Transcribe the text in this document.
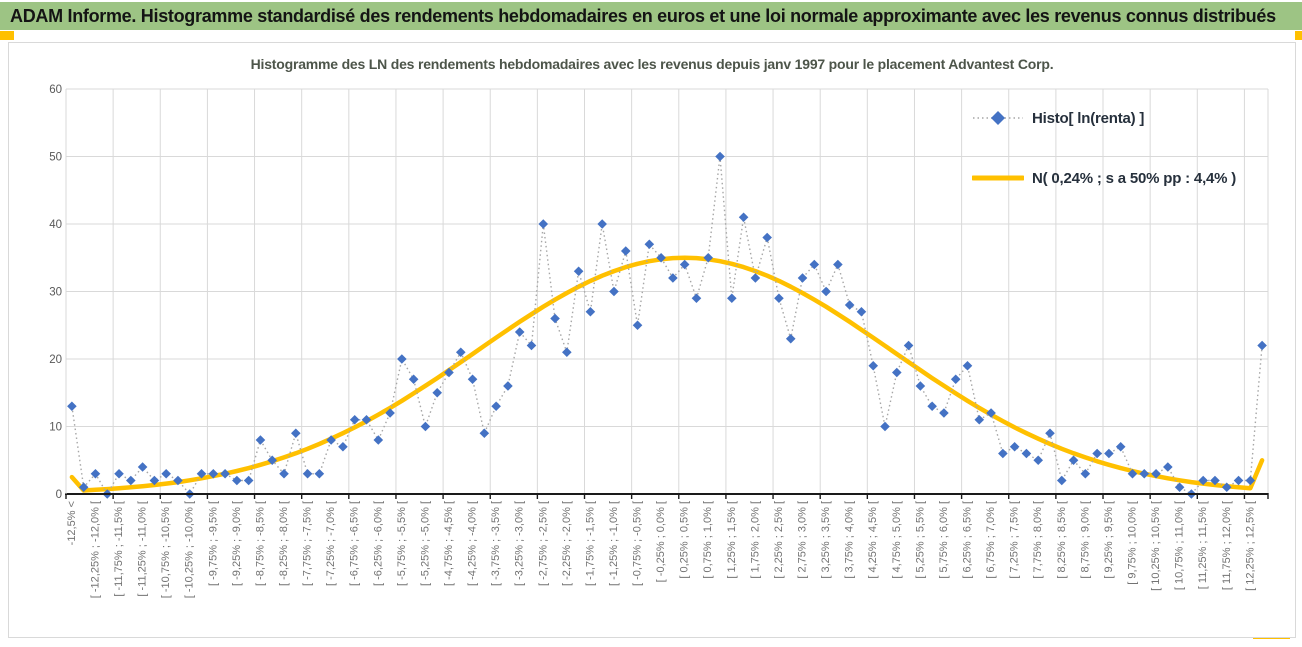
ADAM Informe. Histogramme standardisé des rendements hebdomadaires en euros et une loi normale approximante avec les revenus connus distribués
Histogramme des LN des rendements hebdomadaires avec les revenus depuis janv 1997 pour le placement Advantest Corp.
0
10
20
30
40
50
60
-12,5% < [ -12,25% ; -12,0% [ [ -11,75% ; -11,5% [ [ -11,25% ; -11,0% [ [ -10,75% ; -10,5% [ [ -10,25% ; -10,0% [ [ -9,75% ; -9,5% [ [ -9,25% ; -9,0% [ [ -8,75% ; -8,5% [ [ -8,25% ; -8,0% [ [ -7,75% ; -7,5% [ [ -7,25% ; -7,0% [ [ -6,75% ; -6,5% [ [ -6,25% ; -6,0% [ [ -5,75% ; -5,5% [ [ -5,25% ; -5,0% [ [ -4,75% ; -4,5% [ [ -4,25% ; -4,0% [ [ -3,75% ; -3,5% [ [ -3,25% ; -3,0% [ [ -2,75% ; -2,5% [ [ -2,25% ; -2,0% [ [ -1,75% ; -1,5% [ [ -1,25% ; -1,0% [ [ -0,75% ; -0,5% [ [ -0,25% ; 0,0% [ [ 0,25% ; 0,5% [ [ 0,75% ; 1,0% [ [ 1,25% ; 1,5% [ [ 1,75% ; 2,0% [ [ 2,25% ; 2,5% [ [ 2,75% ; 3,0% [ [ 3,25% ; 3,5% [ [ 3,75% ; 4,0% [ [ 4,25% ; 4,5% [ [ 4,75% ; 5,0% [ [ 5,25% ; 5,5% [ [ 5,75% ; 6,0% [ [ 6,25% ; 6,5% [ [ 6,75% ; 7,0% [ [ 7,25% ; 7,5% [ [ 7,75% ; 8,0% [ [ 8,25% ; 8,5% [ [ 8,75% ; 9,0% [ [ 9,25% ; 9,5% [ [ 9,75% ; 10,0% [ [ 10,25% ; 10,5% [ [ 10,75% ; 11,0% [ [ 11,25% ; 11,5% [ [ 11,75% ; 12,0% [ [ 12,25% ; 12,5% [
Histo[ ln(renta) ]
N( 0,24% ; s a 50% pp : 4,4% )
